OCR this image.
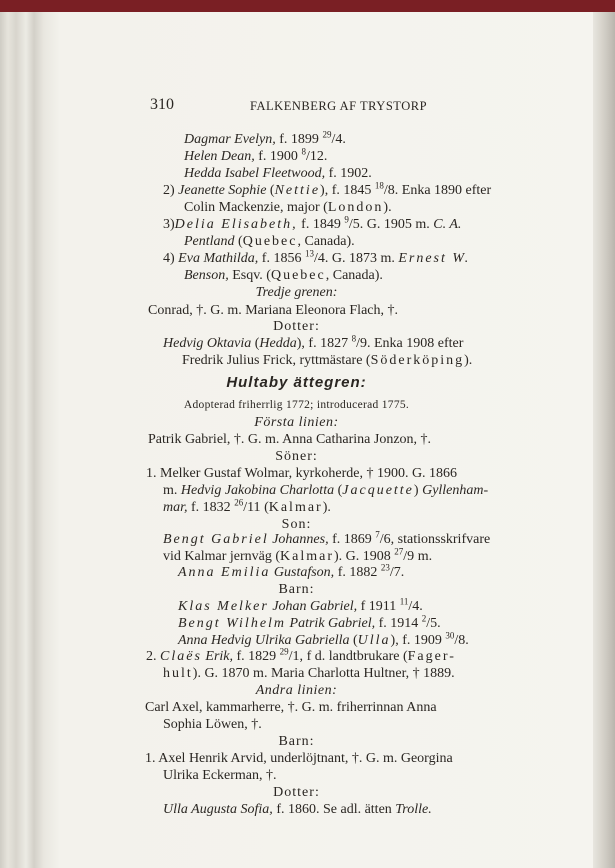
310	FALKENBERG AF TRYSTORP
Dagmar Evelyn, f. 1899 $^{29}$/4.
Helen Dean, f. 1900 $^8$/12.
Hedda Isabel Fleetwood, f. 1902.
2) Jeanette Sophie (Nettie), f. 1845 $^{18}$/8. Enka 1890 efter
Colin Mackenzie, major (London).
3)Delia Elisabeth, f. 1849 $^9$/5. G. 1905 m. C. A.
Pentland (Quebec, Canada).
4) Eva Mathilda, f. 1856 $^{13}$/4. G. 1873 m. Ernest W.
Benson, Esqv. (Quebec, Canada).
Tredje grenen:
Conrad, †. G. m. Mariana Eleonora Flach, †.
Dotter:
Hedvig Oktavia (Hedda), f. 1827 $^8$/9. Enka 1908 efter
Fredrik Julius Frick, ryttmästare (Söderköping).
Hultaby ättegren:
Adopterad friherrlig 1772; introducerad 1775.
Första linien:
Patrik Gabriel, †. G. m. Anna Catharina Jonzon, †.
Söner:
1. Melker Gustaf Wolmar, kyrkoherde, † 1900. G. 1866
m. Hedvig Jakobina Charlotta (Jacquette) Gyllenham-
mar, f. 1832 $^{26}$/11 (Kalmar).
Son:
Bengt Gabriel Johannes, f. 1869 $^7$/6, stationsskrifvare
vid Kalmar jernväg (Kalmar). G. 1908 $^{27}$/9 m.
Anna Emilia Gustafson, f. 1882 $^{23}$/7.
Barn:
Klas Melker Johan Gabriel, f 1911 $^{11}$/4.
Bengt Wilhelm Patrik Gabriel, f. 1914 $^2$/5.
Anna Hedvig Ulrika Gabriella (Ulla), f. 1909 $^{30}$/8.
2. Claës Erik, f. 1829 $^{29}$/1, f d. landtbrukare (Fager-
hult). G. 1870 m. Maria Charlotta Hultner, † 1889.
Andra linien:
Carl Axel, kammarherre, †. G. m. friherrinnan Anna
Sophia Löwen, †.
Barn:
1. Axel Henrik Arvid, underlöjtnant, †. G. m. Georgina
Ulrika Eckerman, †.
Dotter:
Ulla Augusta Sofia, f. 1860. Se adl. ätten Trolle.
